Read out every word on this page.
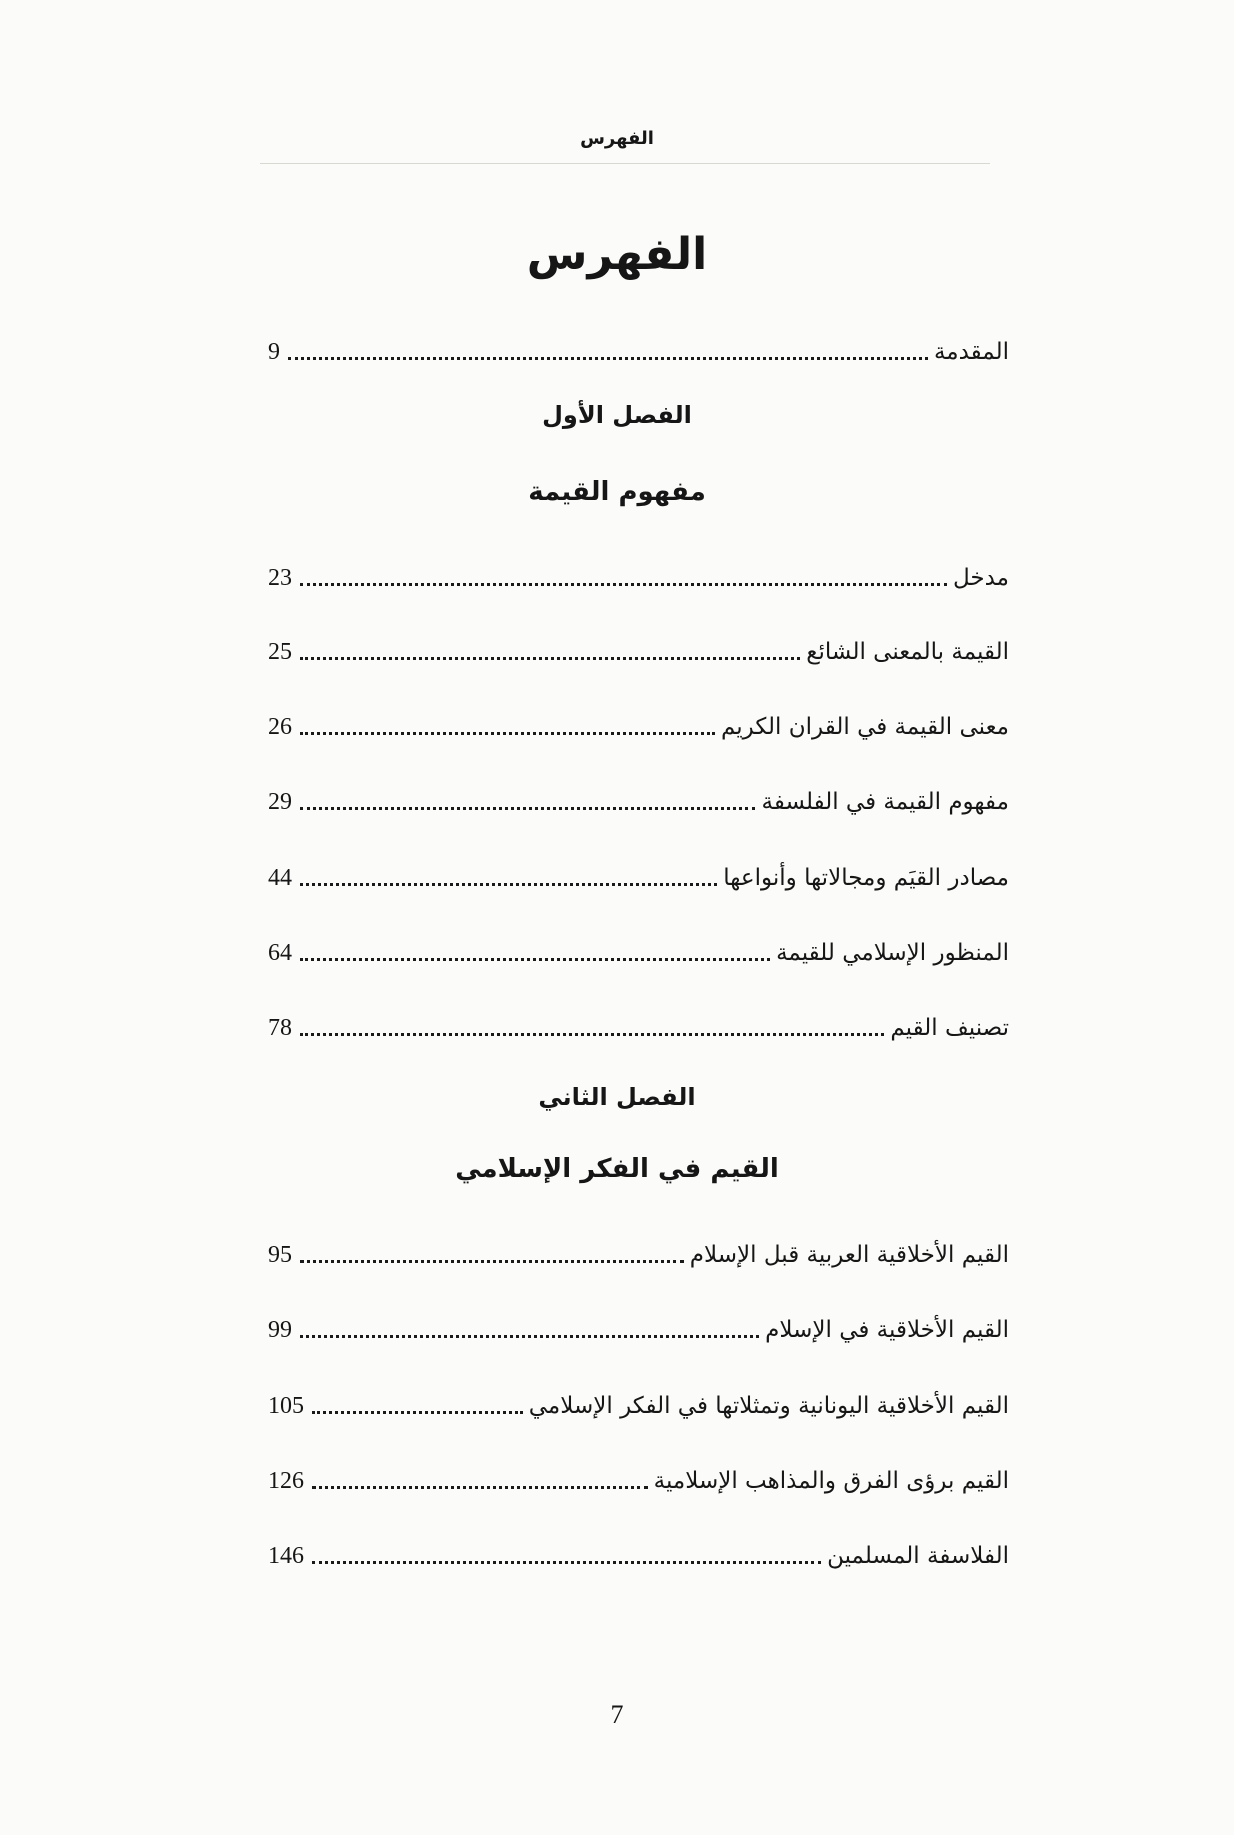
الفهرس
الفهرس
المقدمة
9
الفصل الأول
مفهوم القيمة
مدخل
23
القيمة بالمعنى الشائع
25
معنى القيمة في القران الكريم
26
مفهوم القيمة في الفلسفة
29
مصادر القيَم ومجالاتها وأنواعها
44
المنظور الإسلامي للقيمة
64
تصنيف القيم
78
الفصل الثاني
القيم في الفكر الإسلامي
القيم الأخلاقية العربية قبل الإسلام
95
القيم الأخلاقية في الإسلام
99
القيم الأخلاقية اليونانية وتمثلاتها في الفكر الإسلامي
105
القيم برؤى الفرق والمذاهب الإسلامية
126
الفلاسفة المسلمين
146
7
